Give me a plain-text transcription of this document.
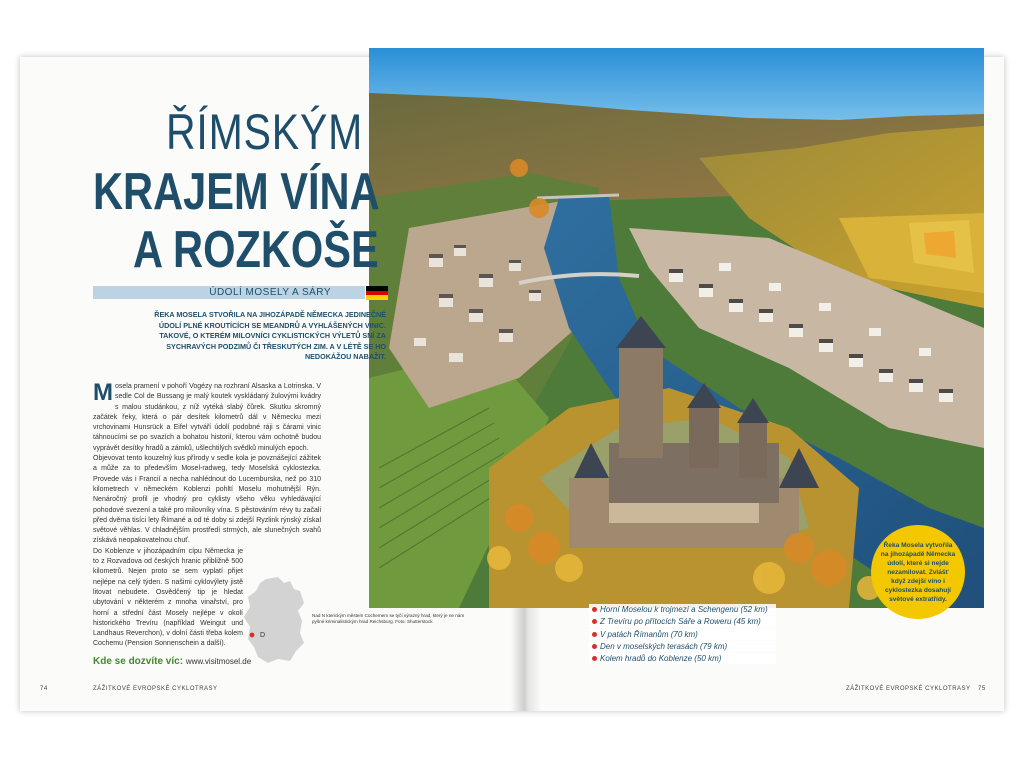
Nad N kterickým městem Cochemem se tyčí výrazný hrad, který je ne nám pyšné kriminalistickým hrad Reichsburg. Foto: Shutterstock
ŘÍMSKÝM
KRAJEM VÍNA
A ROZKOŠE
ÚDOLÍ MOSELY A SÁRY
ŘEKA MOSELA STVOŘILA NA JIHOZÁPADĚ NĚMECKA JEDINEČNÉ ÚDOLÍ PLNÉ KROUTÍCÍCH SE MEANDRŮ A VYHLÁŠENÝCH VINIC. TAKOVÉ, O KTERÉM MILOVNÍCI CYKLISTICKÝCH VÝLETŮ SNÍ ZA SYCHRAVÝCH PODZIMŮ ČI TŘESKUTÝCH ZIM. A V LÉTĚ SE HO NEDOKÁŽOU NABAŽIT.
M osela pramení v pohoří Vogézy na rozhraní Alsaska a Lotrinska. V sedle Col de Bussang je malý koutek vyskládaný žulovými kvádry s malou studánkou, z níž vytéká slabý čůrek. Skutku skromný začátek řeky, která o pár desítek kilometrů dál v Německu mezi vrchovinami Hunsrück a Eifel vytváří údolí podobné ráji s čárami vinic táhnoucími se po svazích a bohatou historií, kterou vám ochotně budou vyprávět desítky hradů a zámků, ušlechtilých svědků minulých epoch.

Objevovat tento kouzelný kus přírody v sedle kola je povznášející zážitek a může za to především Mosel-radweg, tedy Moselská cyklostezka. Provede vás i Francií a necha nahlédnout do Lucemburska, než po 310 kilometrech v německém Koblenzi pohltí Moselu mohutnější Rýn. Nenáročný profil je vhodný pro cyklisty všeho věku vyhledávající pohodové svezení a také pro milovníky vína. S pěstováním révy tu začali před dvěma tisíci lety Římané a od té doby si zdejší Ryzlink rýnský získal světové věhlas. V chladnějším prostředí strmých, ale slunečných svahů získává neopakovatelnou chuť.

Do Koblenze v jihozápadním cípu Německa je to z Rozvadova od českých hranic přibližně 500 kilometrů. Nejen proto se sem vyplatí přijet nejlépe na celý týden. S našimi cyklovýlety jistě litovat nebudete. Osvědčený tip je hledat ubytování v některém z mnoha vinařství, pro horní a střední část Mosely nejlépe v okolí historického Trevíru (například Weingut und Landhaus Reverchon), v dolní části třeba kolem Cochemu (Pension Sonnenschein a další).

D
Kde se dozvíte víc: www.visitmosel.de
74	ZÁŽITKOVÉ EVROPSKÉ CYKLOTRASY	ZÁŽITKOVÉ EVROPSKÉ CYKLOTRASY 75
Horní Moselou k trojmezí a Schengenu (52 km)
Z Trevíru po přítocích Sáře a Roweru (45 km)
V patách Římanům (70 km)
Den v moselských terasách (79 km)
Kolem hradů do Koblenze (50 km)
Řeka Mosela vytvořila na jihozápadě Německa údolí, které si nejde nezamilovat. Zvlášť když zdejší víno i cyklostezka dosahují světové extratřídy.
